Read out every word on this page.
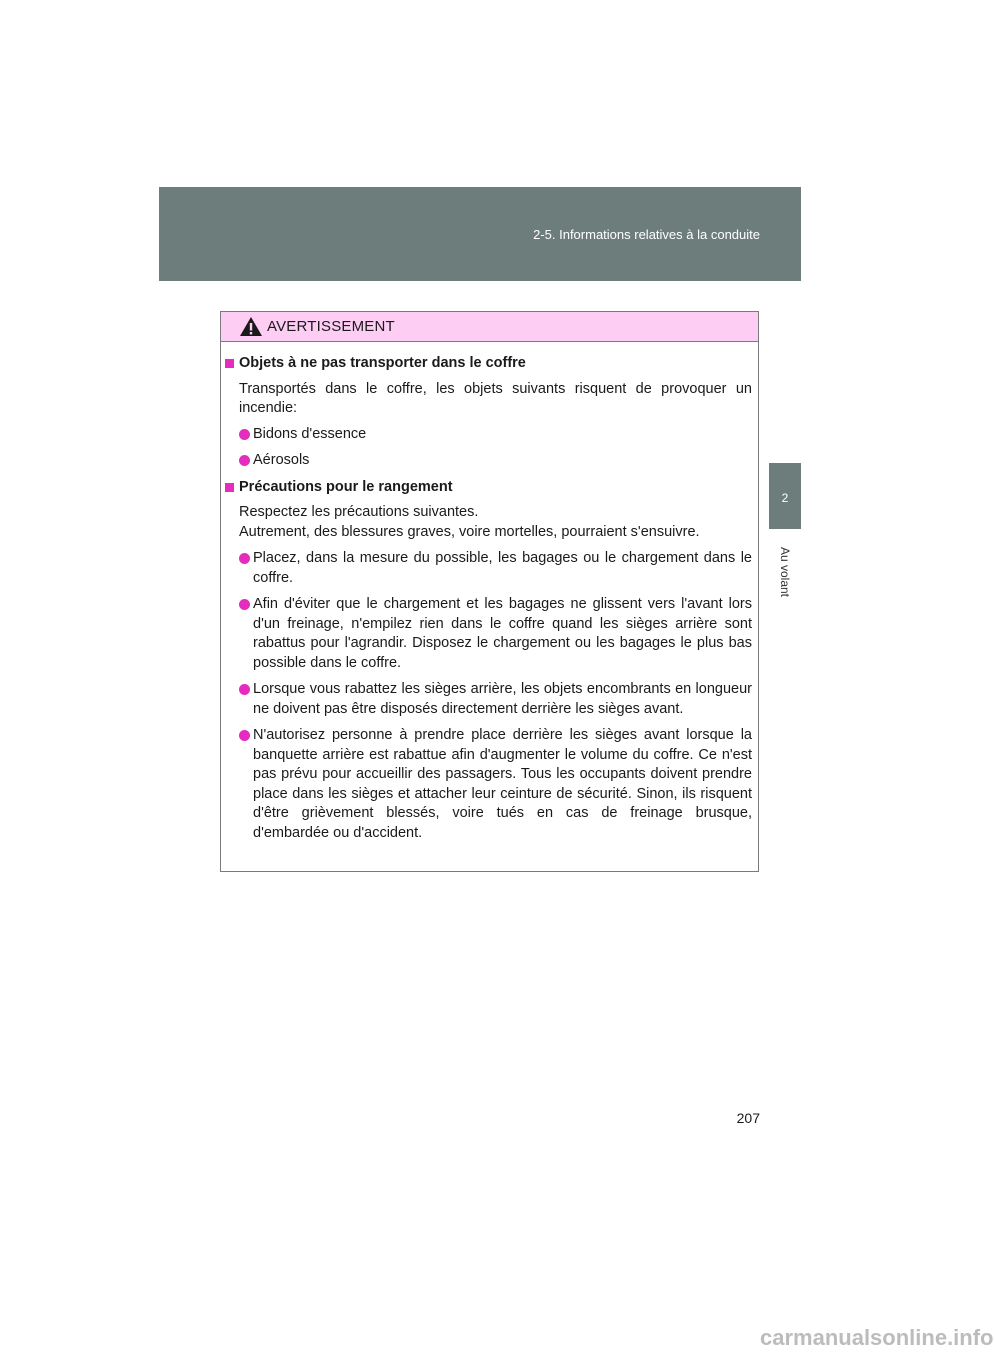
2-5. Informations relatives à la conduite
2
Au volant
AVERTISSEMENT
Objets à ne pas transporter dans le coffre
Transportés dans le coffre, les objets suivants risquent de provoquer un incendie:
Bidons d'essence
Aérosols
Précautions pour le rangement
Respectez les précautions suivantes.
Autrement, des blessures graves, voire mortelles, pourraient s'ensuivre.
Placez, dans la mesure du possible, les bagages ou le chargement dans le coffre.
Afin d'éviter que le chargement et les bagages ne glissent vers l'avant lors d'un freinage, n'empilez rien dans le coffre quand les sièges arrière sont rabattus pour l'agrandir. Disposez le chargement ou les bagages le plus bas possible dans le coffre.
Lorsque vous rabattez les sièges arrière, les objets encombrants en longueur ne doivent pas être disposés directement derrière les sièges avant.
N'autorisez personne à prendre place derrière les sièges avant lorsque la banquette arrière est rabattue afin d'augmenter le volume du coffre. Ce n'est pas prévu pour accueillir des passagers. Tous les occupants doivent prendre place dans les sièges et attacher leur ceinture de sécurité. Sinon, ils risquent d'être grièvement blessés, voire tués en cas de freinage brusque, d'embardée ou d'accident.
207
carmanualsonline.info
